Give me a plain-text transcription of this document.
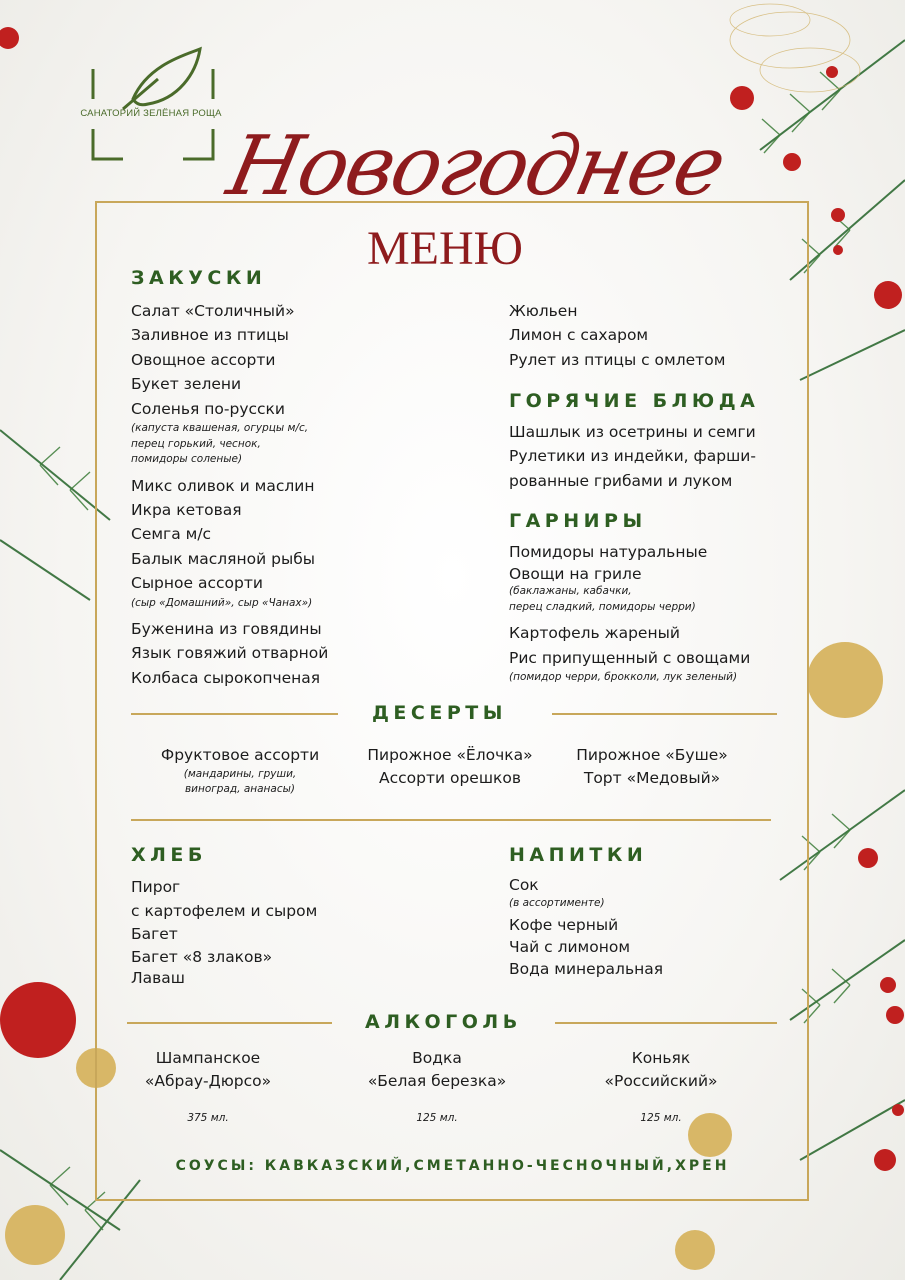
САНАТОРИЙ ЗЕЛЁНАЯ РОЩА
Новогоднее
МЕНЮ
ЗАКУСКИ
Салат «Столичный»
Заливное из птицы
Овощное ассорти
Букет зелени
Соленья по-русски
(капуста квашеная, огурцы м/с,
перец горький, чеснок,
помидоры соленые)
Микс оливок и маслин
Икра кетовая
Семга м/с
Балык масляной рыбы
Сырное ассорти
(сыр «Домашний», сыр «Чанах»)
Буженина из говядины
Язык говяжий отварной
Колбаса сырокопченая
Жюльен
Лимон с сахаром
Рулет из птицы с омлетом
ГОРЯЧИЕ БЛЮДА
Шашлык из осетрины и семги
Рулетики из индейки, фарши-
рованные грибами и луком
ГАРНИРЫ
Помидоры натуральные
Овощи на гриле
(баклажаны, кабачки,
перец сладкий, помидоры черри)
Картофель жареный
Рис припущенный с овощами
(помидор черри, брокколи, лук зеленый)
ДЕСЕРТЫ
Фруктовое ассорти
(мандарины, груши,
виноград, ананасы)
Пирожное «Ёлочка»
Ассорти орешков
Пирожное «Буше»
Торт «Медовый»
ХЛЕБ
Пирог
с картофелем и сыром
Багет
Багет «8 злаков»
Лаваш
НАПИТКИ
Сок
(в ассортименте)
Кофе черный
Чай с лимоном
Вода минеральная
АЛКОГОЛЬ
Шампанское
«Абрау-Дюрсо»
375 мл.
Водка
«Белая березка»
125 мл.
Коньяк
«Российский»
125 мл.
СОУСЫ: КАВКАЗСКИЙ,СМЕТАННО-ЧЕСНОЧНЫЙ,ХРЕН
